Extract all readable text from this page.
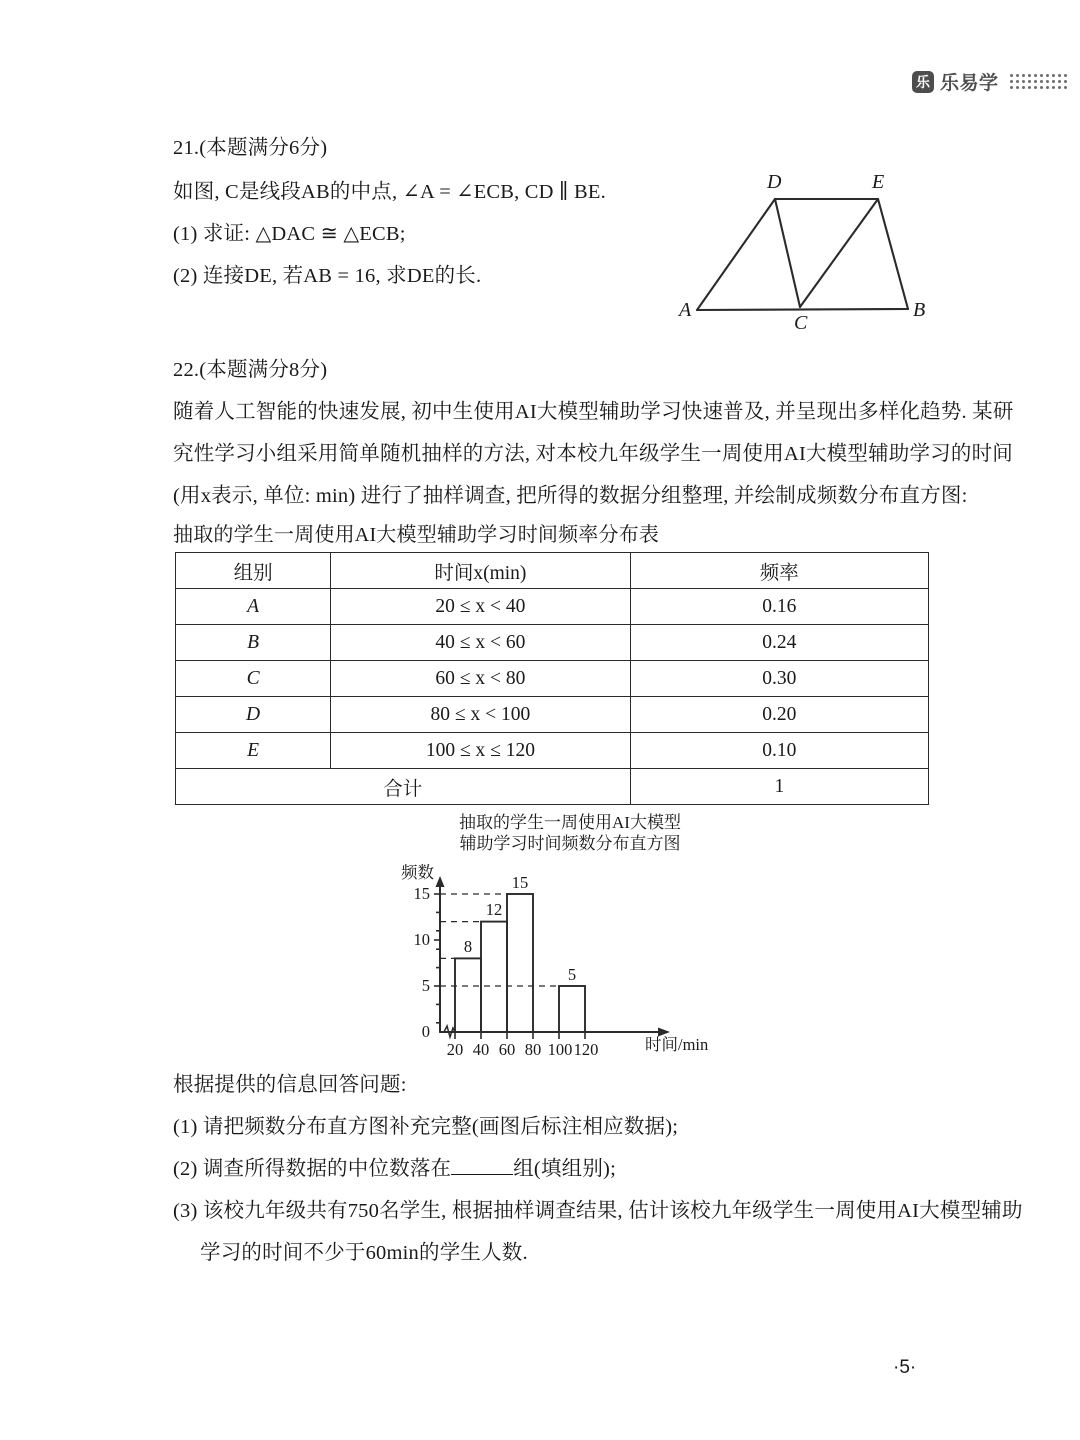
乐 乐易学
21.(本题满分6分)
如图, C是线段AB的中点, ∠A = ∠ECB, CD ∥ BE.
(1) 求证: △DAC ≅ △ECB;
(2) 连接DE, 若AB = 16, 求DE的长.
A
C
B
D	E
22.(本题满分8分)
随着人工智能的快速发展, 初中生使用AI大模型辅助学习快速普及, 并呈现出多样化趋势. 某研
究性学习小组采用简单随机抽样的方法, 对本校九年级学生一周使用AI大模型辅助学习的时间
(用x表示, 单位: min) 进行了抽样调查, 把所得的数据分组整理, 并绘制成频数分布直方图:
抽取的学生一周使用AI大模型辅助学习时间频率分布表
组别	时间x(min)	频率
A	20 ≤ x < 40	0.16
B	40 ≤ x < 60	0.24
C	60 ≤ x < 80	0.30
D	80 ≤ x < 100	0.20
E	100 ≤ x ≤ 120	0.10
合计		1
抽取的学生一周使用AI大模型
辅助学习时间频数分布直方图
频数
时间/min
15
10
5
0
20 40 60 80 100 120
8
12
15
5
根据提供的信息回答问题:
(1) 请把频数分布直方图补充完整(画图后标注相应数据);
(2) 调查所得数据的中位数落在	组(填组别);
(3) 该校九年级共有750名学生, 根据抽样调查结果, 估计该校九年级学生一周使用AI大模型辅助
学习的时间不少于60min的学生人数.
·5·
